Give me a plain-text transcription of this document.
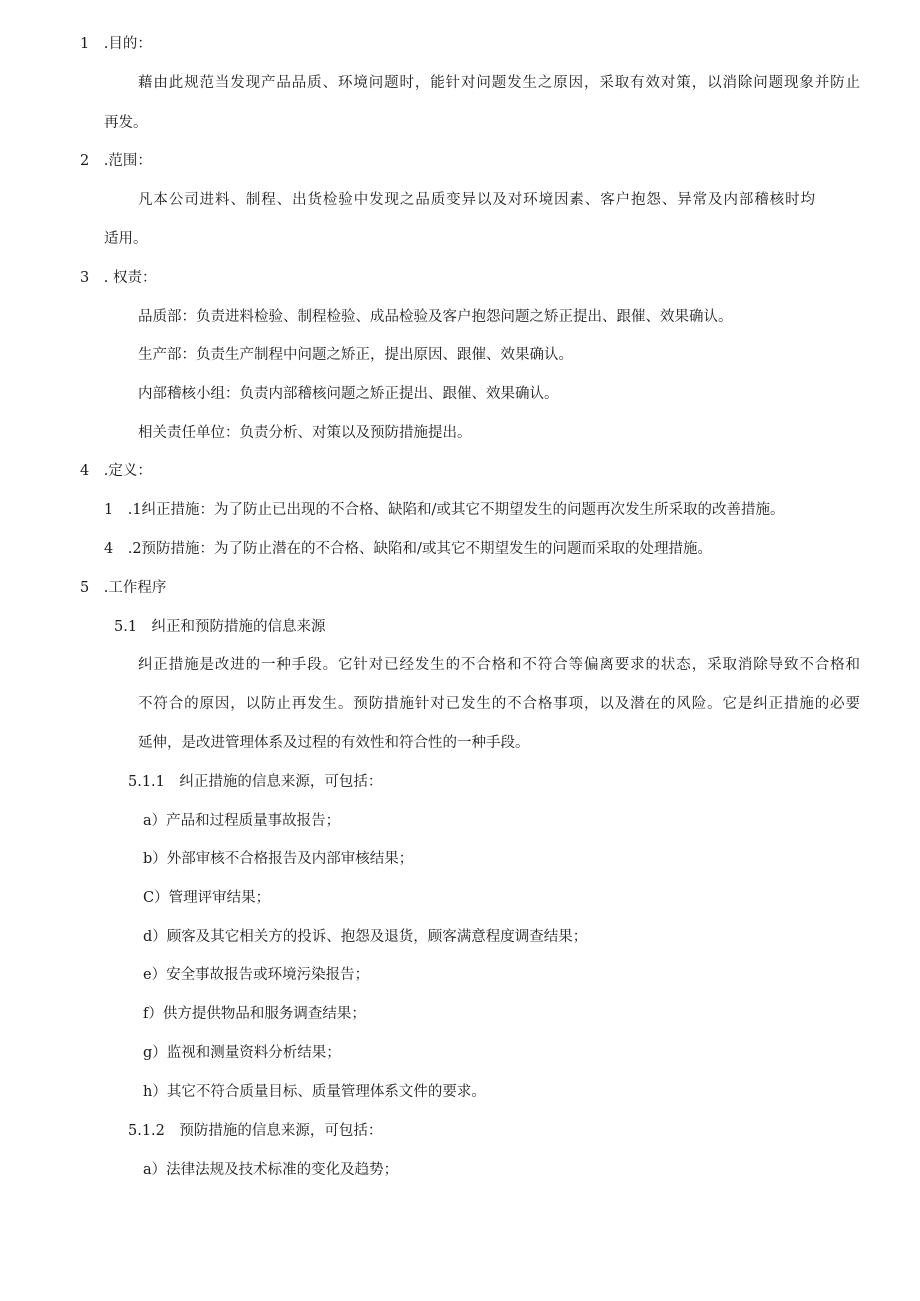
1　.目的：
藉由此规范当发现产品品质、环境问题时，能针对问题发生之原因，采取有效对策，以消除问题现象并防止
再发。
2　.范围：
凡本公司进料、制程、出货检验中发现之品质变异以及对环境因素、客户抱怨、异常及内部稽核时均
适用。
3　. 权责：
品质部：负责进料检验、制程检验、成品检验及客户抱怨问题之矫正提出、跟催、效果确认。
生产部：负责生产制程中问题之矫正，提出原因、跟催、效果确认。
内部稽核小组：负责内部稽核问题之矫正提出、跟催、效果确认。
相关责任单位：负责分析、对策以及预防措施提出。
4　.定义：
1　.1纠正措施：为了防止已出现的不合格、缺陷和/或其它不期望发生的问题再次发生所采取的改善措施。
4　.2预防措施：为了防止潜在的不合格、缺陷和/或其它不期望发生的问题而采取的处理措施。
5　.工作程序
5.1　纠正和预防措施的信息来源
纠正措施是改进的一种手段。它针对已经发生的不合格和不符合等偏离要求的状态，采取消除导致不合格和
不符合的原因，以防止再发生。预防措施针对已发生的不合格事项，以及潜在的风险。它是纠正措施的必要
延伸，是改进管理体系及过程的有效性和符合性的一种手段。
5.1.1　纠正措施的信息来源，可包括：
a）产品和过程质量事故报告；
b）外部审核不合格报告及内部审核结果；
C）管理评审结果；
d）顾客及其它相关方的投诉、抱怨及退货，顾客满意程度调查结果；
e）安全事故报告或环境污染报告；
f）供方提供物品和服务调查结果；
g）监视和测量资料分析结果；
h）其它不符合质量目标、质量管理体系文件的要求。
5.1.2　预防措施的信息来源，可包括：
a）法律法规及技术标准的变化及趋势；
